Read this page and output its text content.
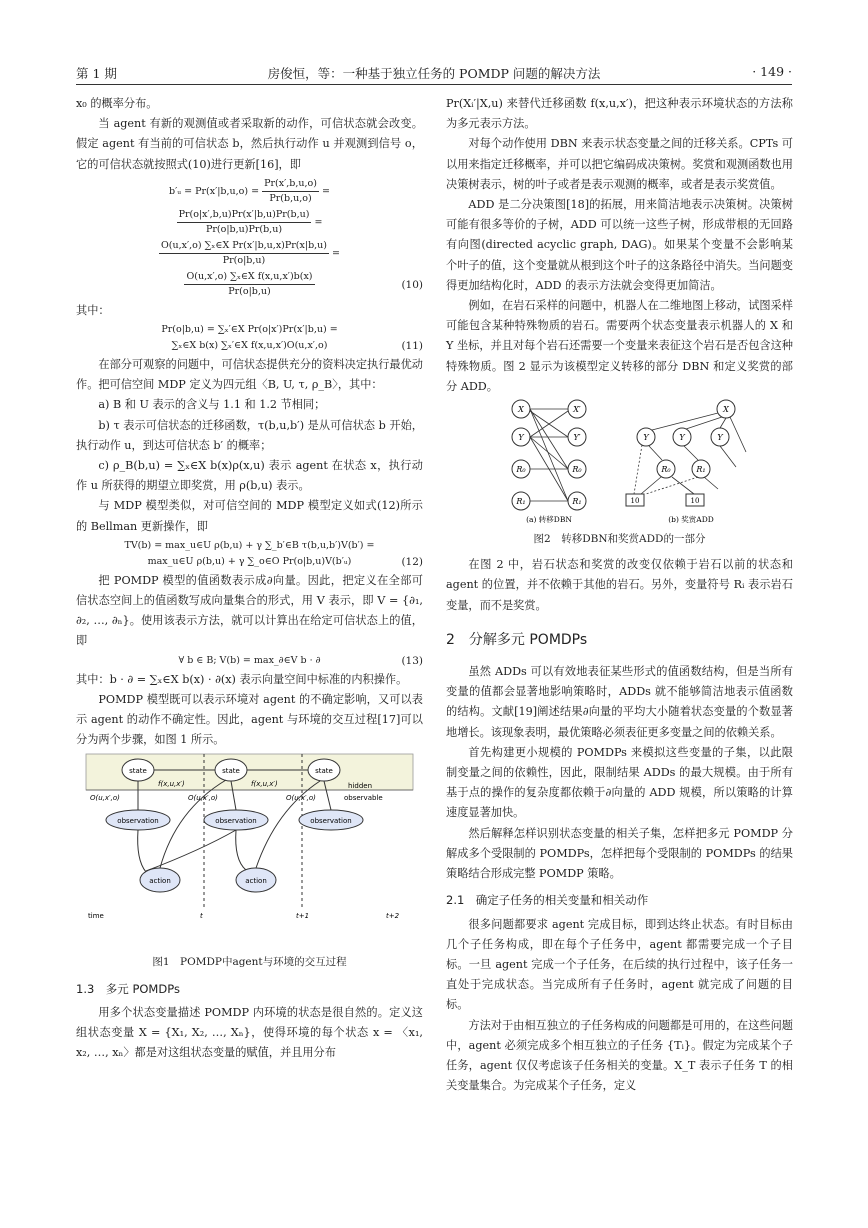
第 1 期	房俊恒，等：一种基于独立任务的 POMDP 问题的解决方法	· 149 ·

x₀ 的概率分布。

当 agent 有新的观测值或者采取新的动作，可信状态就会改变。假定 agent 有当前的可信状态 b，然后执行动作 u 并观测到信号 o，它的可信状态就按照式(10)进行更新[16]，即

b′ᵤ = $Pr(x'|b,u,o) = \frac{Pr(x',b,u,o)}{Pr(b,u,o)}$ =
$\frac{Pr(o|x',b,u)Pr(x'|b,u)Pr(b,u)}{Pr(o|b,u)Pr(b,u)}$ =
$\frac{\text{O(u,x′,o) ∑ₓ∈X Pr(x′|b,u,x)Pr(x|b,u)}}{Pr(o|b,u)}$ =
$\frac{\text{O(u,x′,o) ∑ₓ∈X f(x,u,x′)b(x)}}{Pr(o|b,u)}$	(10)

其中：

Pr(o|b,u) = ∑ₓ′∈X Pr(o|x′)Pr(x′|b,u) =
∑ₓ∈X b(x) ∑ₓ′∈X f(x,u,x′)O(u,x′,o)	(11)

在部分可观察的问题中，可信状态提供充分的资料决定执行最优动作。把可信空间 MDP 定义为四元组〈B, U, τ, ρ_B〉，其中：

a) B 和 U 表示的含义与 1.1 和 1.2 节相同；

b) τ 表示可信状态的迁移函数，τ(b,u,b′) 是从可信状态 b 开始，执行动作 u，到达可信状态 b′ 的概率；

c) ρ_B(b,u) = ∑ₓ∈X b(x)ρ(x,u) 表示 agent 在状态 x，执行动作 u 所获得的期望立即奖赏，用 ρ(b,u) 表示。

与 MDP 模型类似，对可信空间的 MDP 模型定义如式(12)所示的 Bellman 更新操作，即

TV(b) = max_u∈U ρ(b,u) + γ ∑_b′∈B τ(b,u,b′)V(b′) =
max_u∈U ρ(b,u) + γ ∑_o∈O Pr(o|b,u)V(b′ᵤ)	(12)

把 POMDP 模型的值函数表示成∂向量。因此，把定义在全部可信状态空间上的值函数写成向量集合的形式，用 V 表示，即 V = {∂₁, ∂₂, …, ∂ₙ}。使用该表示方法，就可以计算出在给定可信状态上的值，即

∀ b ∈ B; V(b) = max_∂∈V b · ∂	(13)

其中：b · ∂ = ∑ₓ∈X b(x) · ∂(x) 表示向量空间中标准的内积操作。

POMDP 模型既可以表示环境对 agent 的不确定影响，又可以表示 agent 的动作不确定性。因此，agent 与环境的交互过程[17]可以分为两个步骤，如图 1 所示。

state	state	state
f(x,u,x′)	f(x,u,x′)	hidden
observable
O(u,x′,o)	O(u,x′,o)	O(u,x′,o)
observation	observation	observation
action	action
time	t	t+1	t+2
图1　POMDP中agent与环境的交互过程
1.3　多元 POMDPs

用多个状态变量描述 POMDP 内环境的状态是很自然的。定义这组状态变量 X = {X₁, X₂, …, Xₙ}，使得环境的每个状态 x = 〈x₁, x₂, …, xₙ〉都是对这组状态变量的赋值，并且用分布

Pr(Xᵢ′|X,u) 来替代迁移函数 f(x,u,x′)，把这种表示环境状态的方法称为多元表示方法。

对每个动作使用 DBN 来表示状态变量之间的迁移关系。CPTs 可以用来指定迁移概率，并可以把它编码成决策树。奖赏和观测函数也用决策树表示，树的叶子或者是表示观测的概率，或者是表示奖赏值。

ADD 是二分决策图[18]的拓展，用来简洁地表示决策树。决策树可能有很多等价的子树，ADD 可以统一这些子树，形成带根的无回路有向图(directed acyclic graph, DAG)。如果某个变量不会影响某个叶子的值，这个变量就从根到这个叶子的这条路径中消失。当问题变得更加结构化时，ADD 的表示方法就会变得更加简洁。

例如，在岩石采样的问题中，机器人在二维地图上移动，试图采样可能包含某种特殊物质的岩石。需要两个状态变量表示机器人的 X 和 Y 坐标，并且对每个岩石还需要一个变量来表征这个岩石是否包含这种特殊物质。图 2 显示为该模型定义转移的部分 DBN 和定义奖赏的部分 ADD。

X	X′
Y	Y′
R₀	R₀
R₁	R₁
X
Y	Y	Y
R₀	R₁
10	10
(a) 转移DBN	(b) 奖赏ADD
图2　转移DBN和奖赏ADD的一部分

在图 2 中，岩石状态和奖赏的改变仅依赖于岩石以前的状态和 agent 的位置，并不依赖于其他的岩石。另外，变量符号 Rᵢ 表示岩石变量，而不是奖赏。

2　分解多元 POMDPs

虽然 ADDs 可以有效地表征某些形式的值函数结构，但是当所有变量的值都会显著地影响策略时，ADDs 就不能够简洁地表示值函数的结构。文献[19]阐述结果∂向量的平均大小随着状态变量的个数显著地增长。该现象表明，最优策略必须表征更多变量之间的依赖关系。

首先构建更小规模的 POMDPs 来模拟这些变量的子集，以此限制变量之间的依赖性，因此，限制结果 ADDs 的最大规模。由于所有基于点的操作的复杂度都依赖于∂向量的 ADD 规模，所以策略的计算速度显著加快。

然后解释怎样识别状态变量的相关子集，怎样把多元 POMDP 分解成多个受限制的 POMDPs，怎样把每个受限制的 POMDPs 的结果策略结合形成完整 POMDP 策略。

2.1　确定子任务的相关变量和相关动作

很多问题都要求 agent 完成目标，即到达终止状态。有时目标由几个子任务构成，即在每个子任务中，agent 都需要完成一个子目标。一旦 agent 完成一个子任务，在后续的执行过程中，该子任务一直处于完成状态。当完成所有子任务时，agent 就完成了问题的目标。

方法对于由相互独立的子任务构成的问题都是可用的，在这些问题中，agent 必须完成多个相互独立的子任务 {Tᵢ}。假定为完成某个子任务，agent 仅仅考虑该子任务相关的变量。X_T 表示子任务 T 的相关变量集合。为完成某个子任务，定义
